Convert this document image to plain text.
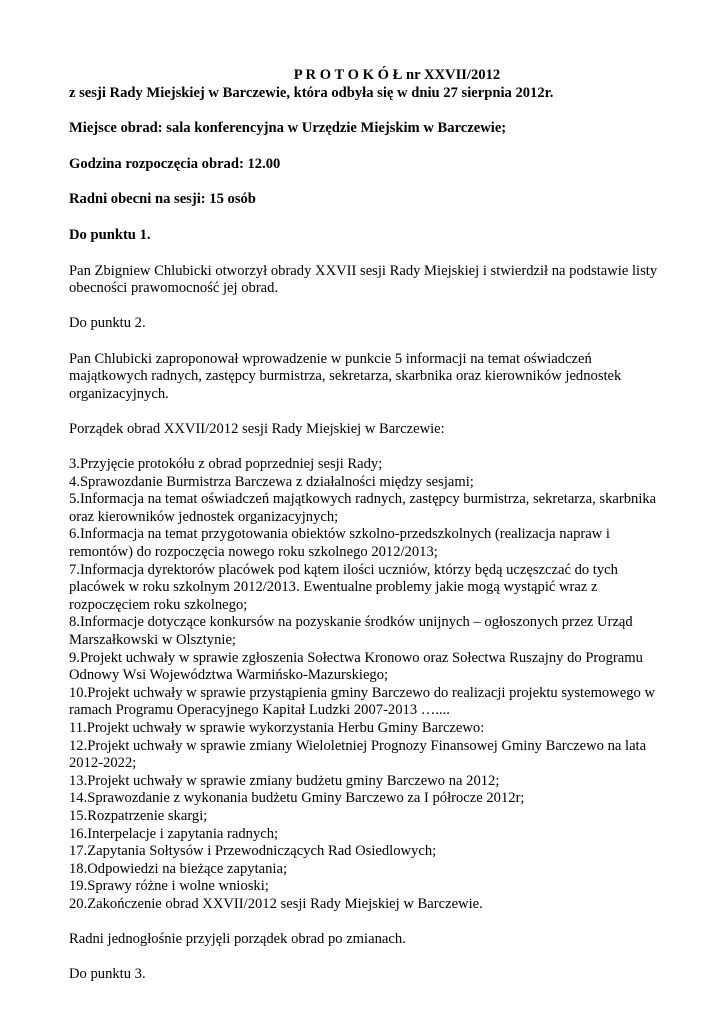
P R O T O K Ó Ł nr XXVII/2012

z sesji Rady Miejskiej w Barczewie, która odbyła się w dniu 27 sierpnia 2012r.

Miejsce obrad: sala konferencyjna w Urzędzie Miejskim w Barczewie;

Godzina rozpoczęcia obrad: 12.00

Radni obecni na sesji: 15 osób

Do punktu 1.

Pan Zbigniew Chlubicki otworzył obrady XXVII sesji Rady Miejskiej i stwierdził na podstawie listy obecności prawomocność jej obrad.

Do punktu 2.

Pan Chlubicki zaproponował wprowadzenie w punkcie 5 informacji na temat oświadczeń majątkowych radnych, zastępcy burmistrza, sekretarza, skarbnika oraz kierowników jednostek organizacyjnych.

Porządek obrad XXVII/2012 sesji Rady Miejskiej w Barczewie:

3.Przyjęcie protokółu z obrad poprzedniej sesji Rady;

4.Sprawozdanie Burmistrza Barczewa z działalności między sesjami;

5.Informacja na temat oświadczeń majątkowych radnych, zastępcy burmistrza, sekretarza, skarbnika oraz kierowników jednostek organizacyjnych;

6.Informacja na temat przygotowania obiektów szkolno-przedszkolnych (realizacja napraw i remontów) do rozpoczęcia nowego roku szkolnego 2012/2013;

7.Informacja dyrektorów placówek pod kątem ilości uczniów, którzy będą uczęszczać do tych placówek w roku szkolnym 2012/2013. Ewentualne problemy jakie mogą wystąpić wraz z rozpoczęciem roku szkolnego;

8.Informacje dotyczące konkursów na pozyskanie środków unijnych – ogłoszonych przez Urząd Marszałkowski w Olsztynie;

9.Projekt uchwały w sprawie zgłoszenia Sołectwa Kronowo oraz Sołectwa Ruszajny do Programu Odnowy Wsi Województwa Warmińsko-Mazurskiego;

10.Projekt uchwały w sprawie przystąpienia gminy Barczewo do realizacji projektu systemowego w ramach Programu Operacyjnego Kapitał Ludzki 2007-2013 …....

11.Projekt uchwały w sprawie wykorzystania Herbu Gminy Barczewo:

12.Projekt uchwały w sprawie zmiany Wieloletniej Prognozy Finansowej Gminy Barczewo na lata 2012-2022;

13.Projekt uchwały w sprawie zmiany budżetu gminy Barczewo na 2012;

14.Sprawozdanie z wykonania budżetu Gminy Barczewo za I półrocze 2012r;

15.Rozpatrzenie skargi;

16.Interpelacje i zapytania radnych;

17.Zapytania Sołtysów i Przewodniczących Rad Osiedlowych;

18.Odpowiedzi na bieżące zapytania;

19.Sprawy różne i wolne wnioski;

20.Zakończenie obrad XXVII/2012 sesji Rady Miejskiej w Barczewie.

Radni jednogłośnie przyjęli porządek obrad po zmianach.

Do punktu 3.
